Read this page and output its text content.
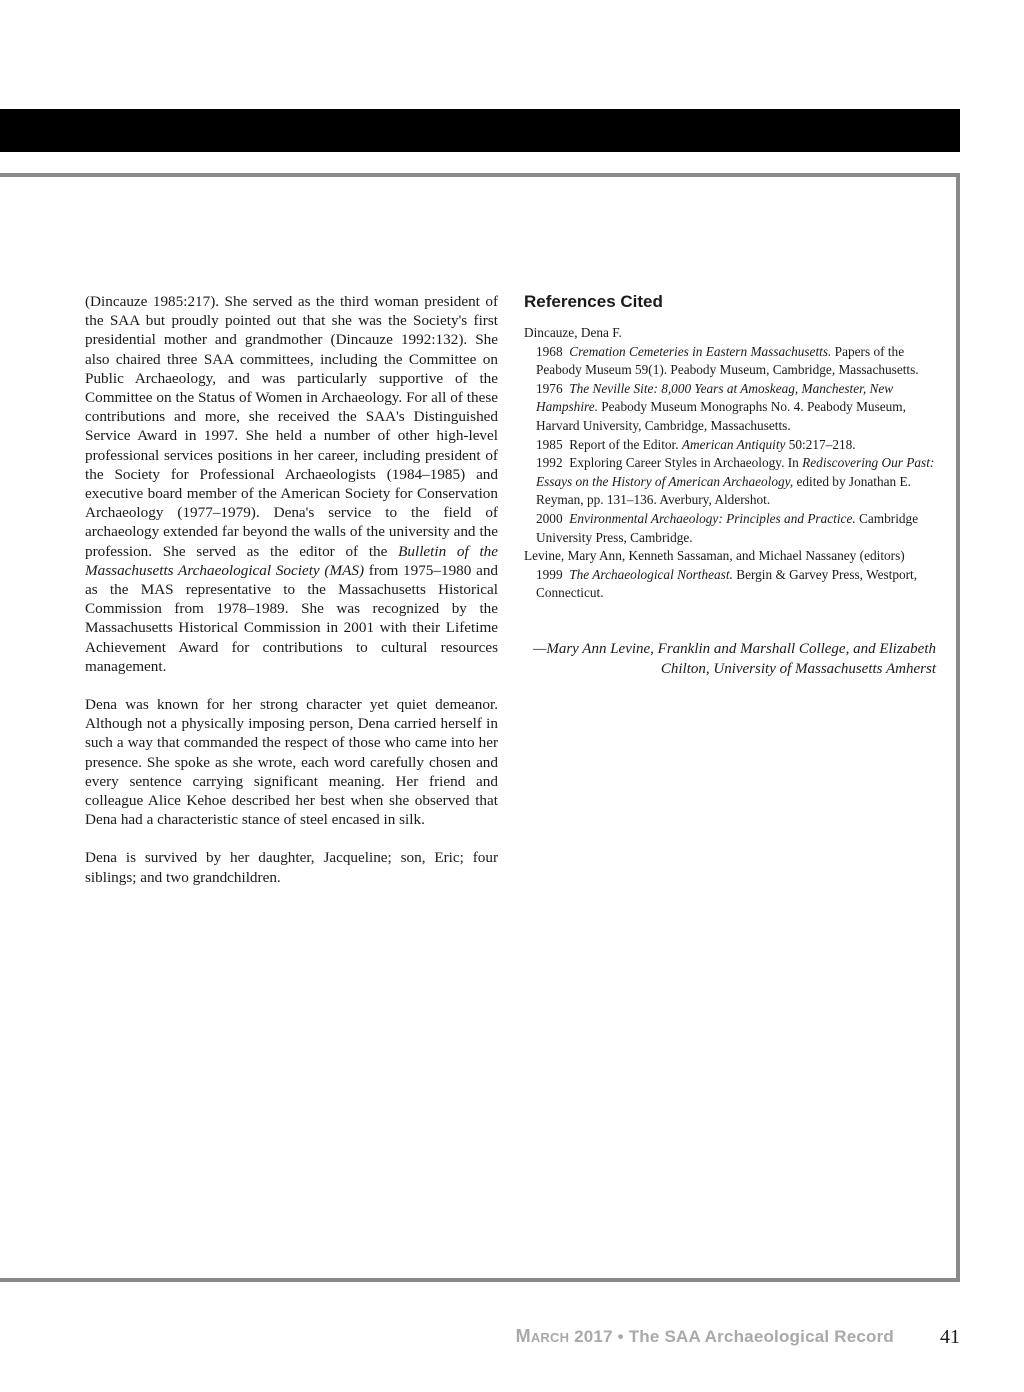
(Dincauze 1985:217). She served as the third woman president of the SAA but proudly pointed out that she was the Society's first presidential mother and grandmother (Dincauze 1992:132). She also chaired three SAA committees, including the Committee on Public Archaeology, and was particularly supportive of the Committee on the Status of Women in Archaeology. For all of these contributions and more, she received the SAA's Distinguished Service Award in 1997. She held a number of other high-level professional services positions in her career, including president of the Society for Professional Archaeologists (1984–1985) and executive board member of the American Society for Conservation Archaeology (1977–1979). Dena's service to the field of archaeology extended far beyond the walls of the university and the profession. She served as the editor of the Bulletin of the Massachusetts Archaeological Society (MAS) from 1975–1980 and as the MAS representative to the Massachusetts Historical Commission from 1978–1989. She was recognized by the Massachusetts Historical Commission in 2001 with their Lifetime Achievement Award for contributions to cultural resources management.

Dena was known for her strong character yet quiet demeanor. Although not a physically imposing person, Dena carried herself in such a way that commanded the respect of those who came into her presence. She spoke as she wrote, each word carefully chosen and every sentence carrying significant meaning. Her friend and colleague Alice Kehoe described her best when she observed that Dena had a characteristic stance of steel encased in silk.

Dena is survived by her daughter, Jacqueline; son, Eric; four siblings; and two grandchildren.

References Cited

Dincauze, Dena F.

1968 Cremation Cemeteries in Eastern Massachusetts. Papers of the Peabody Museum 59(1). Peabody Museum, Cambridge, Massachusetts.

1976 The Neville Site: 8,000 Years at Amoskeag, Manchester, New Hampshire. Peabody Museum Monographs No. 4. Peabody Museum, Harvard University, Cambridge, Massachusetts.

1985 Report of the Editor. American Antiquity 50:217–218.

1992 Exploring Career Styles in Archaeology. In Rediscovering Our Past: Essays on the History of American Archaeology, edited by Jonathan E. Reyman, pp. 131–136. Averbury, Aldershot.

2000 Environmental Archaeology: Principles and Practice. Cambridge University Press, Cambridge.

Levine, Mary Ann, Kenneth Sassaman, and Michael Nassaney (editors)

1999 The Archaeological Northeast. Bergin & Garvey Press, Westport, Connecticut.

—Mary Ann Levine, Franklin and Marshall College, and Elizabeth Chilton, University of Massachusetts Amherst
March 2017 • The SAA Archaeological Record 41
